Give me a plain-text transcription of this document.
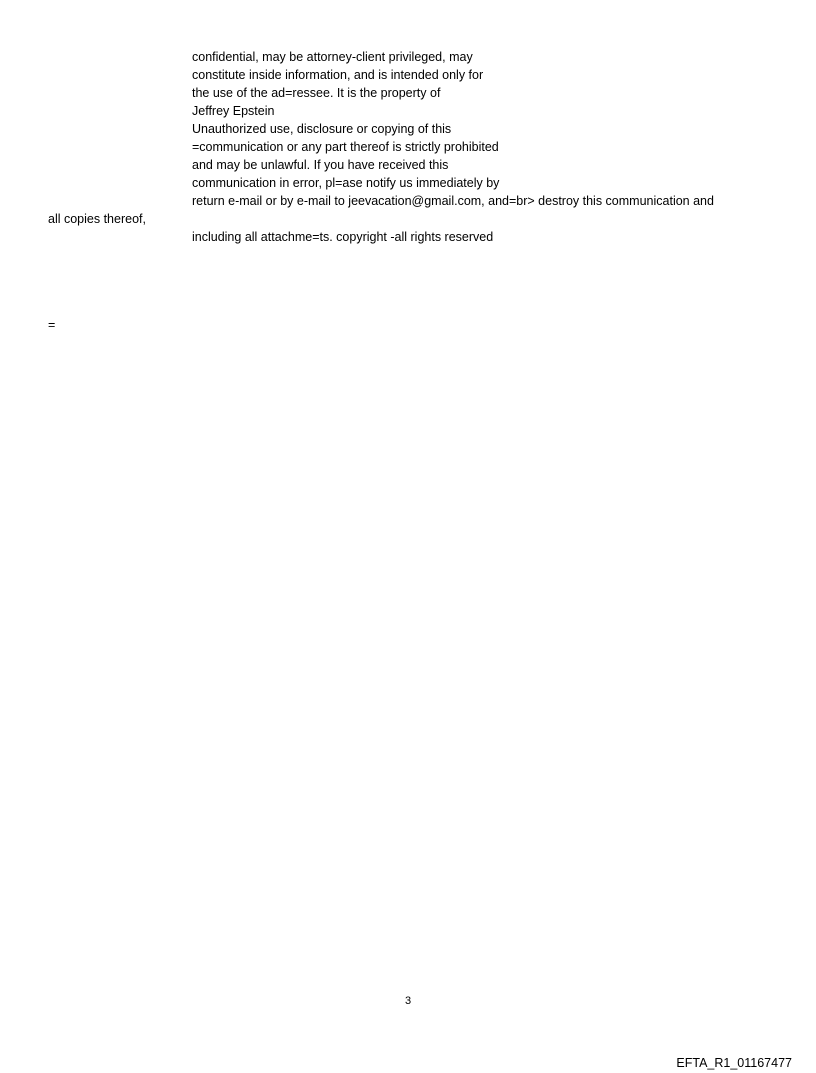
confidential, may be attorney-client privileged, may
constitute inside information, and is intended only for
the use of the ad=ressee. It is the property of
Jeffrey Epstein
Unauthorized use, disclosure or copying of this
=communication or any part thereof is strictly prohibited
and may be unlawful. If you have received this
communication in error, pl=ase notify us immediately by
return e-mail or by e-mail to jeevacation@gmail.com, and=br> destroy this communication and
all copies thereof,
including all attachme=ts. copyright -all rights reserved
=
3
EFTA_R1_01167477
